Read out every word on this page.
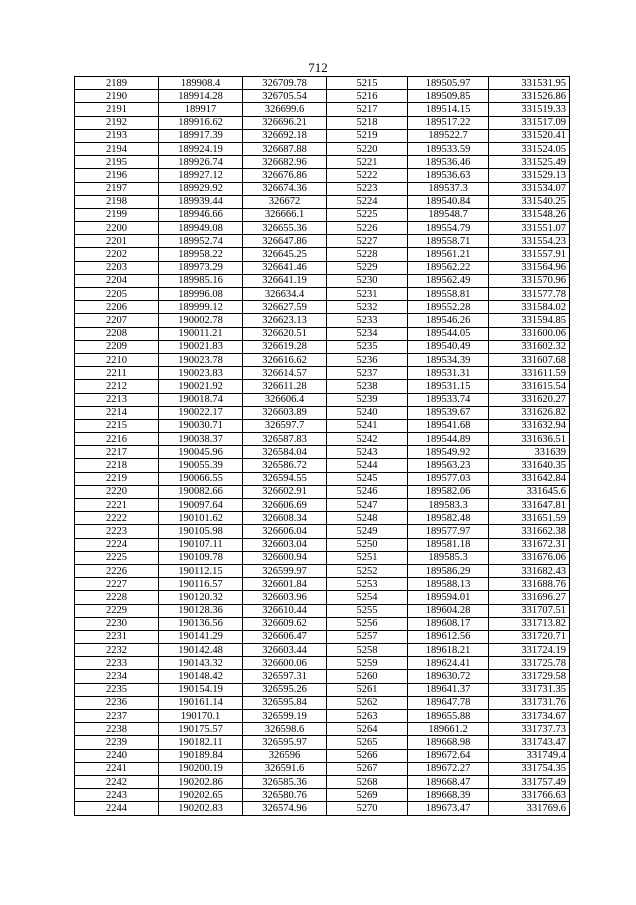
712
2189	189908.4	326709.78	5215	189505.97	331531.95
2190	189914.28	326705.54	5216	189509.85	331526.86
2191	189917	326699.6	5217	189514.15	331519.33
2192	189916.62	326696.21	5218	189517.22	331517.09
2193	189917.39	326692.18	5219	189522.7	331520.41
2194	189924.19	326687.88	5220	189533.59	331524.05
2195	189926.74	326682.96	5221	189536.46	331525.49
2196	189927.12	326676.86	5222	189536.63	331529.13
2197	189929.92	326674.36	5223	189537.3	331534.07
2198	189939.44	326672	5224	189540.84	331540.25
2199	189946.66	326666.1	5225	189548.7	331548.26
2200	189949.08	326655.36	5226	189554.79	331551.07
2201	189952.74	326647.86	5227	189558.71	331554.23
2202	189958.22	326645.25	5228	189561.21	331557.91
2203	189973.29	326641.46	5229	189562.22	331564.96
2204	189985.16	326641.19	5230	189562.49	331570.96
2205	189996.08	326634.4	5231	189558.81	331577.78
2206	189999.12	326627.59	5232	189552.28	331584.02
2207	190002.78	326623.13	5233	189546.26	331594.85
2208	190011.21	326620.51	5234	189544.05	331600.06
2209	190021.83	326619.28	5235	189540.49	331602.32
2210	190023.78	326616.62	5236	189534.39	331607.68
2211	190023.83	326614.57	5237	189531.31	331611.59
2212	190021.92	326611.28	5238	189531.15	331615.54
2213	190018.74	326606.4	5239	189533.74	331620.27
2214	190022.17	326603.89	5240	189539.67	331626.82
2215	190030.71	326597.7	5241	189541.68	331632.94
2216	190038.37	326587.83	5242	189544.89	331636.51
2217	190045.96	326584.04	5243	189549.92	331639
2218	190055.39	326586.72	5244	189563.23	331640.35
2219	190066.55	326594.55	5245	189577.03	331642.84
2220	190082.66	326602.91	5246	189582.06	331645.6
2221	190097.64	326606.69	5247	189583.3	331647.81
2222	190101.62	326608.34	5248	189582.48	331651.59
2223	190105.98	326606.04	5249	189577.97	331662.38
2224	190107.11	326603.04	5250	189581.18	331672.31
2225	190109.78	326600.94	5251	189585.3	331676.06
2226	190112.15	326599.97	5252	189586.29	331682.43
2227	190116.57	326601.84	5253	189588.13	331688.76
2228	190120.32	326603.96	5254	189594.01	331696.27
2229	190128.36	326610.44	5255	189604.28	331707.51
2230	190136.56	326609.62	5256	189608.17	331713.82
2231	190141.29	326606.47	5257	189612.56	331720.71
2232	190142.48	326603.44	5258	189618.21	331724.19
2233	190143.32	326600.06	5259	189624.41	331725.78
2234	190148.42	326597.31	5260	189630.72	331729.58
2235	190154.19	326595.26	5261	189641.37	331731.35
2236	190161.14	326595.84	5262	189647.78	331731.76
2237	190170.1	326599.19	5263	189655.88	331734.67
2238	190175.57	326598.6	5264	189661.2	331737.73
2239	190182.11	326595.97	5265	189668.98	331743.47
2240	190189.84	326596	5266	189672.64	331749.4
2241	190200.19	326591.6	5267	189672.27	331754.35
2242	190202.86	326585.36	5268	189668.47	331757.49
2243	190202.65	326580.76	5269	189668.39	331766.63
2244	190202.83	326574.96	5270	189673.47	331769.6
